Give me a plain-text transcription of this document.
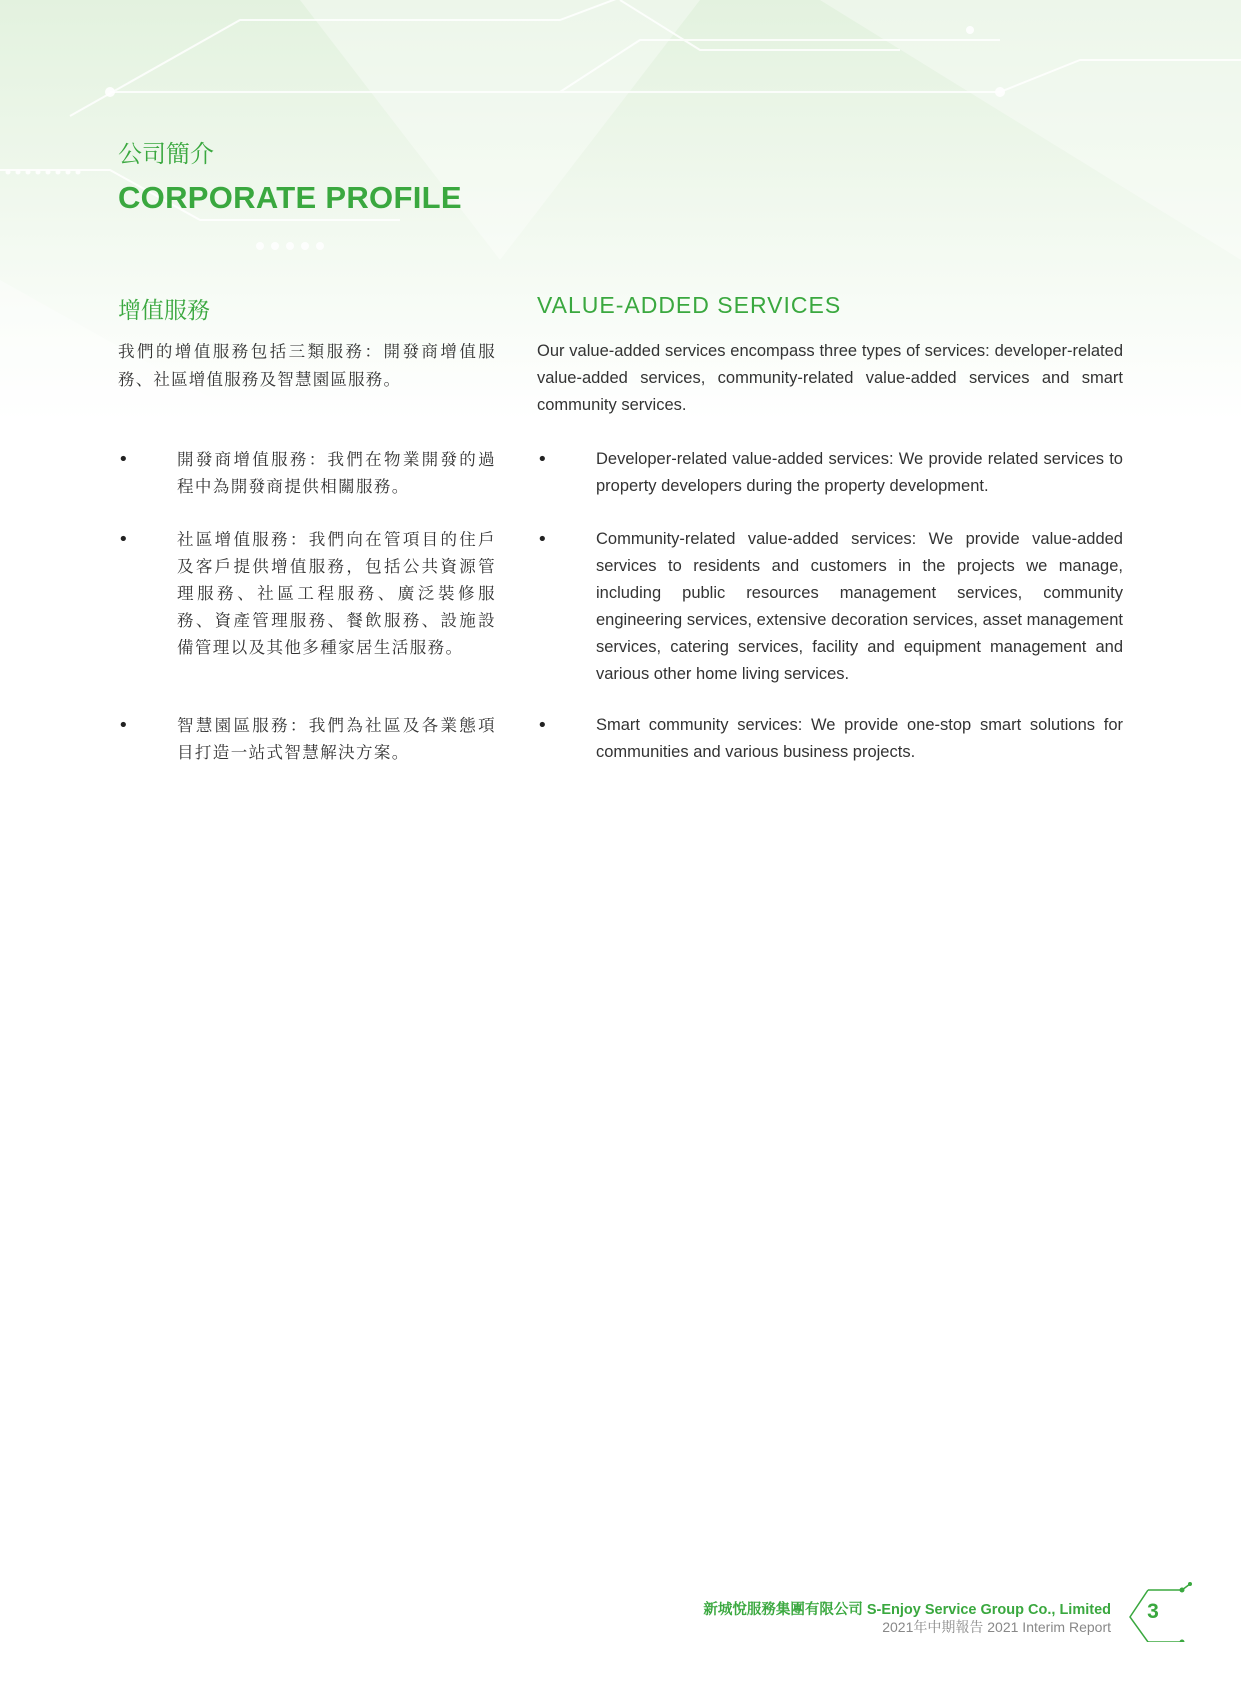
公司簡介
CORPORATE PROFILE
增值服務

我們的增值服務包括三類服務：開發商增值服務、社區增值服務及智慧園區服務。

•	開發商增值服務：我們在物業開發的過程中為開發商提供相關服務。

•	社區增值服務：我們向在管項目的住戶及客戶提供增值服務，包括公共資源管理服務、社區工程服務、廣泛裝修服務、資產管理服務、餐飲服務、設施設備管理以及其他多種家居生活服務。

•	智慧園區服務：我們為社區及各業態項目打造一站式智慧解決方案。

VALUE-ADDED SERVICES

Our value-added services encompass three types of services: developer-related value-added services, community-related value-added services and smart community services.

•	Developer-related value-added services: We provide related services to property developers during the property development.

•	Community-related value-added services: We provide value-added services to residents and customers in the projects we manage, including public resources management services, community engineering services, extensive decoration services, asset management services, catering services, facility and equipment management and various other home living services.

•	Smart community services: We provide one-stop smart solutions for communities and various business projects.

新城悅服務集團有限公司 S-Enjoy Service Group Co., Limited
2021年中期報告 2021 Interim Report
3
